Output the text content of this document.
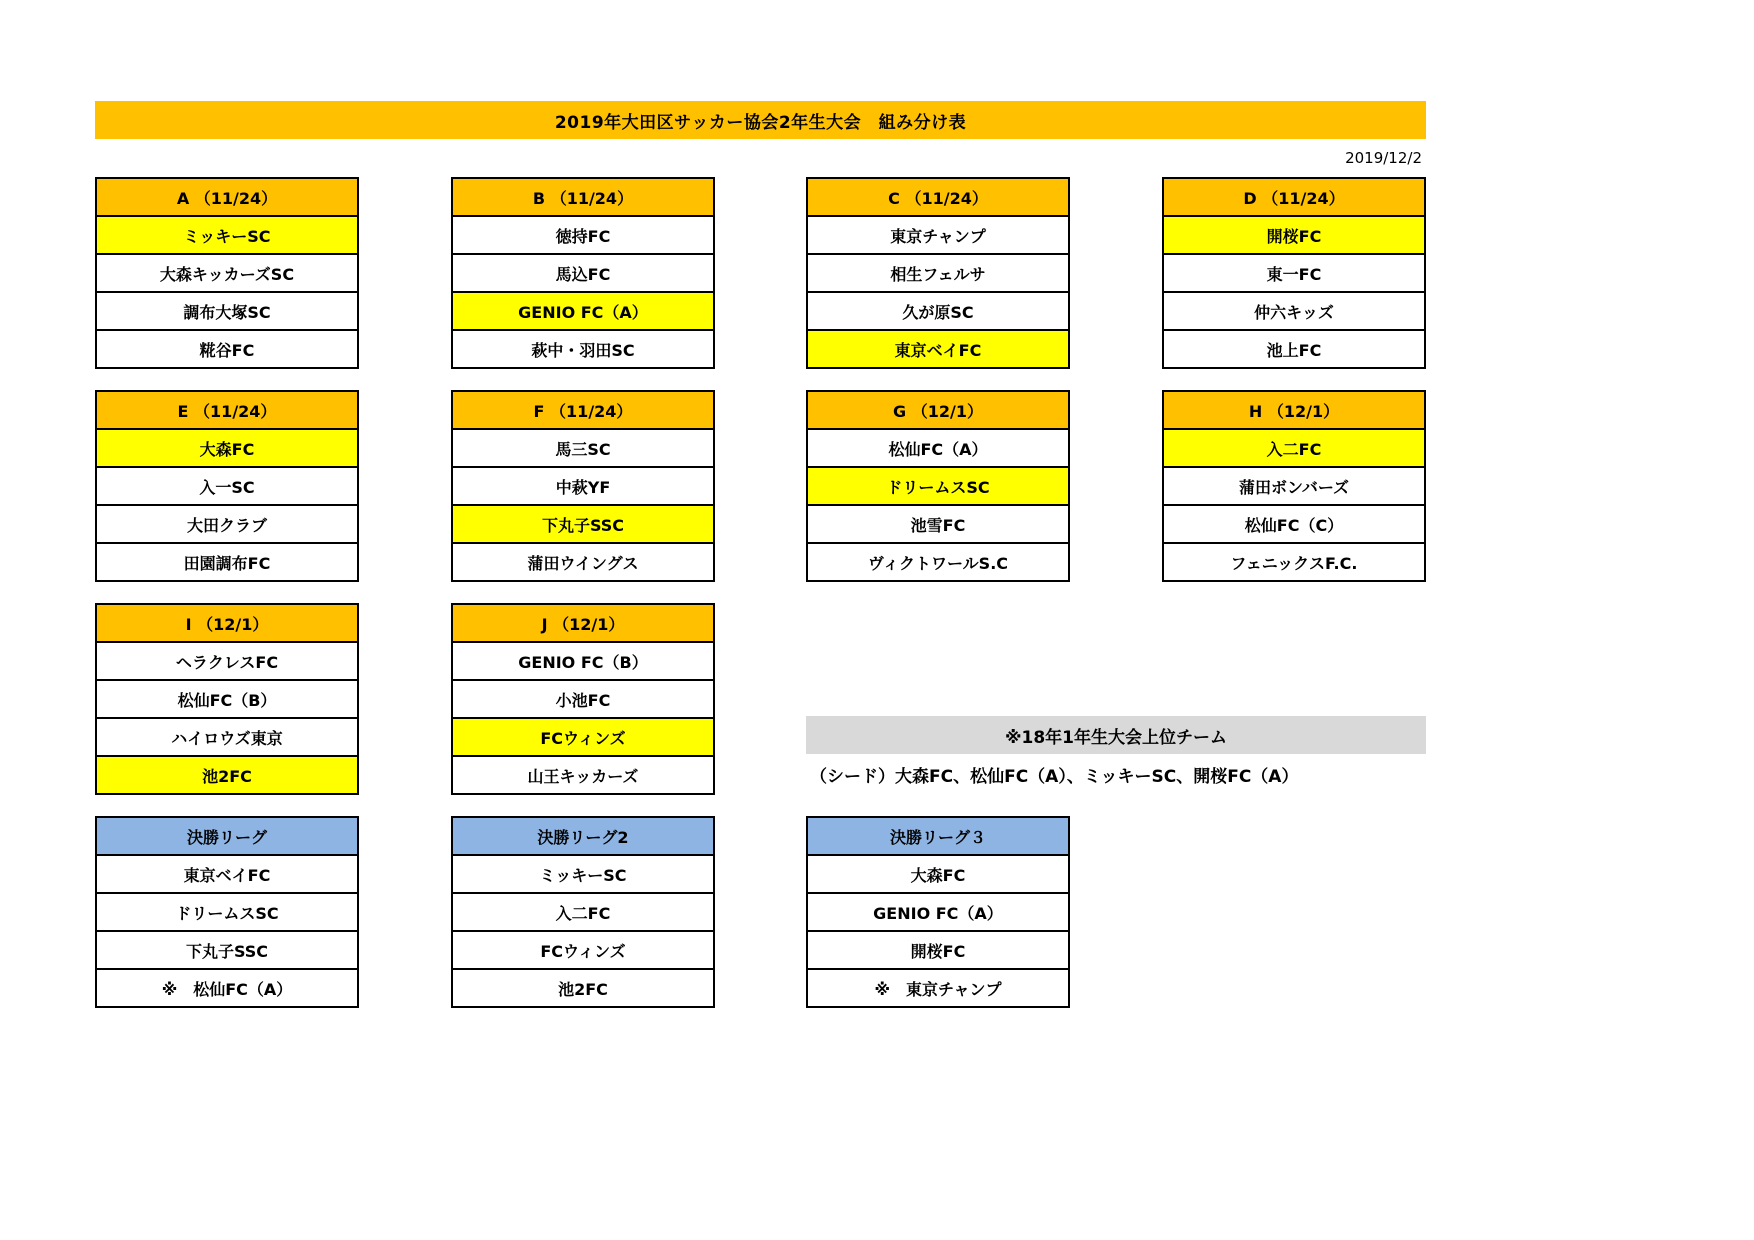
2019年大田区サッカー協会2年生大会　組み分け表
2019/12/2
A （11/24）
ミッキーSC
大森キッカーズSC
調布大塚SC
糀谷FC
B （11/24）
徳持FC
馬込FC
GENIO FC（A）
萩中・羽田SC
C （11/24）
東京チャンプ
相生フェルサ
久が原SC
東京ベイFC
D （11/24）
開桜FC
東一FC
仲六キッズ
池上FC
E （11/24）
大森FC
入一SC
大田クラブ
田園調布FC
F （11/24）
馬三SC
中萩YF
下丸子SSC
蒲田ウイングス
G （12/1）
松仙FC（A）
ドリームスSC
池雪FC
ヴィクトワールS.C
H （12/1）
入二FC
蒲田ボンバーズ
松仙FC（C）
フェニックスF.C.
I （12/1）
ヘラクレスFC
松仙FC（B）
ハイロウズ東京
池2FC
J （12/1）
GENIO FC（B）
小池FC
FCウィンズ
山王キッカーズ
※18年1年生大会上位チーム
（シード）大森FC、松仙FC（A）、ミッキーSC、開桜FC（A）
決勝リーグ
東京ベイFC
ドリームスSC
下丸子SSC
※　松仙FC（A）
決勝リーグ2
ミッキーSC
入二FC
FCウィンズ
池2FC
決勝リーグ３
大森FC
GENIO FC（A）
開桜FC
※　東京チャンプ
